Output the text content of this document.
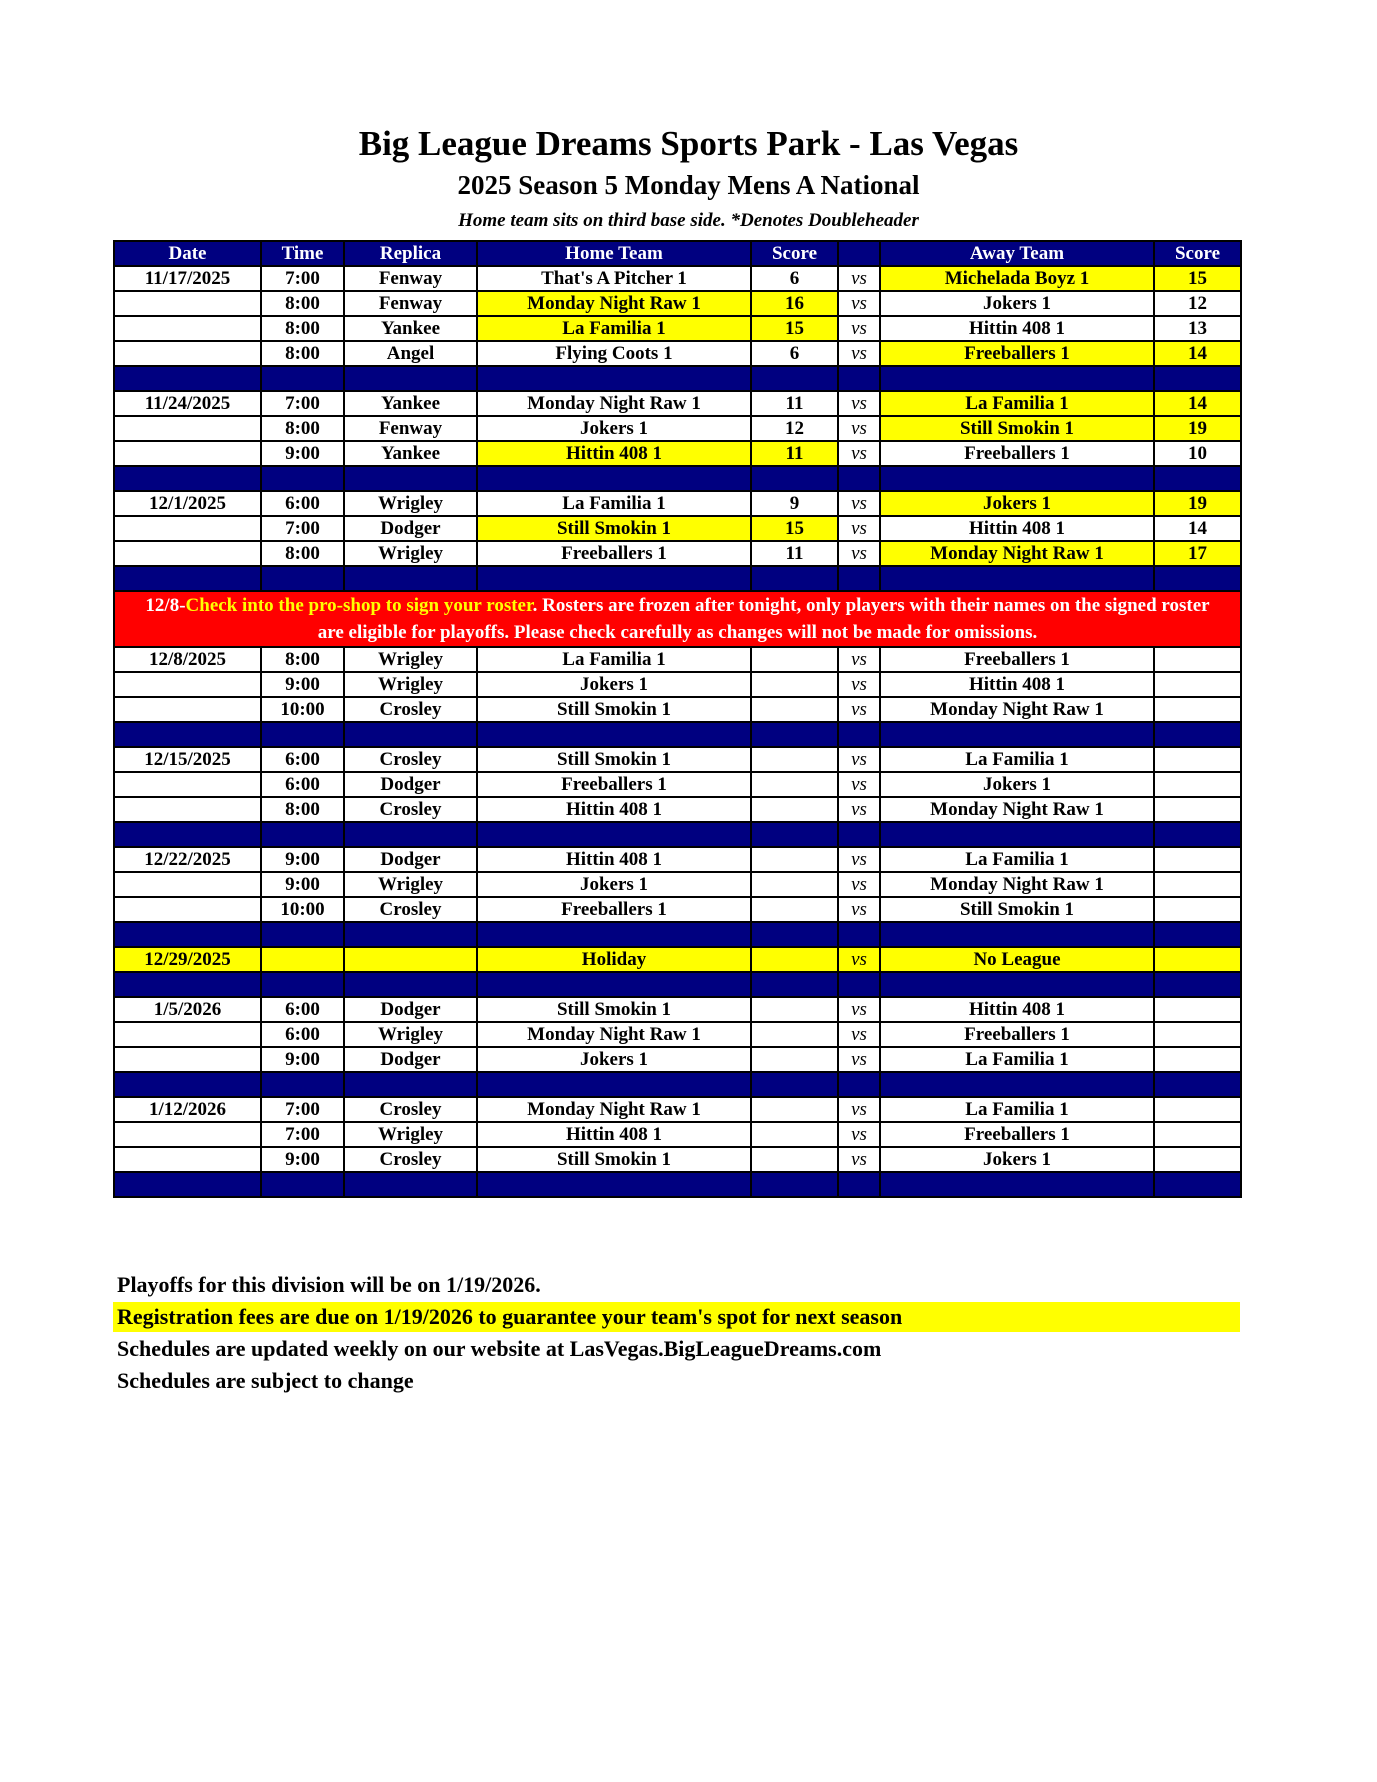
Big League Dreams Sports Park - Las Vegas
2025 Season 5 Monday Mens A National
Home team sits on third base side. *Denotes Doubleheader
Date	Time	Replica	Home Team	Score		Away Team	Score
11/17/2025	7:00	Fenway	That's A Pitcher 1	6	vs	Michelada Boyz 1	15
	8:00	Fenway	Monday Night Raw 1	16	vs	Jokers 1	12
	8:00	Yankee	La Familia 1	15	vs	Hittin 408 1	13
	8:00	Angel	Flying Coots 1	6	vs	Freeballers 1	14

11/24/2025	7:00	Yankee	Monday Night Raw 1	11	vs	La Familia 1	14
	8:00	Fenway	Jokers 1	12	vs	Still Smokin 1	19
	9:00	Yankee	Hittin 408 1	11	vs	Freeballers 1	10

12/1/2025	6:00	Wrigley	La Familia 1	9	vs	Jokers 1	19
	7:00	Dodger	Still Smokin 1	15	vs	Hittin 408 1	14
	8:00	Wrigley	Freeballers 1	11	vs	Monday Night Raw 1	17

12/8-Check into the pro-shop to sign your roster. Rosters are frozen after tonight, only players with their names on the signed roster are eligible for playoffs. Please check carefully as changes will not be made for omissions.							
12/8/2025	8:00	Wrigley	La Familia 1		vs	Freeballers 1	
	9:00	Wrigley	Jokers 1		vs	Hittin 408 1	
	10:00	Crosley	Still Smokin 1		vs	Monday Night Raw 1	

12/15/2025	6:00	Crosley	Still Smokin 1		vs	La Familia 1	
	6:00	Dodger	Freeballers 1		vs	Jokers 1	
	8:00	Crosley	Hittin 408 1		vs	Monday Night Raw 1	

12/22/2025	9:00	Dodger	Hittin 408 1		vs	La Familia 1	
	9:00	Wrigley	Jokers 1		vs	Monday Night Raw 1	
	10:00	Crosley	Freeballers 1		vs	Still Smokin 1	

12/29/2025			Holiday		vs	No League	

1/5/2026	6:00	Dodger	Still Smokin 1		vs	Hittin 408 1	
	6:00	Wrigley	Monday Night Raw 1		vs	Freeballers 1	
	9:00	Dodger	Jokers 1		vs	La Familia 1	

1/12/2026	7:00	Crosley	Monday Night Raw 1		vs	La Familia 1	
	7:00	Wrigley	Hittin 408 1		vs	Freeballers 1	
	9:00	Crosley	Still Smokin 1		vs	Jokers 1	

Playoffs for this division will be on 1/19/2026.
Registration fees are due on 1/19/2026 to guarantee your team's spot for next season
Schedules are updated weekly on our website at LasVegas.BigLeagueDreams.com
Schedules are subject to change
